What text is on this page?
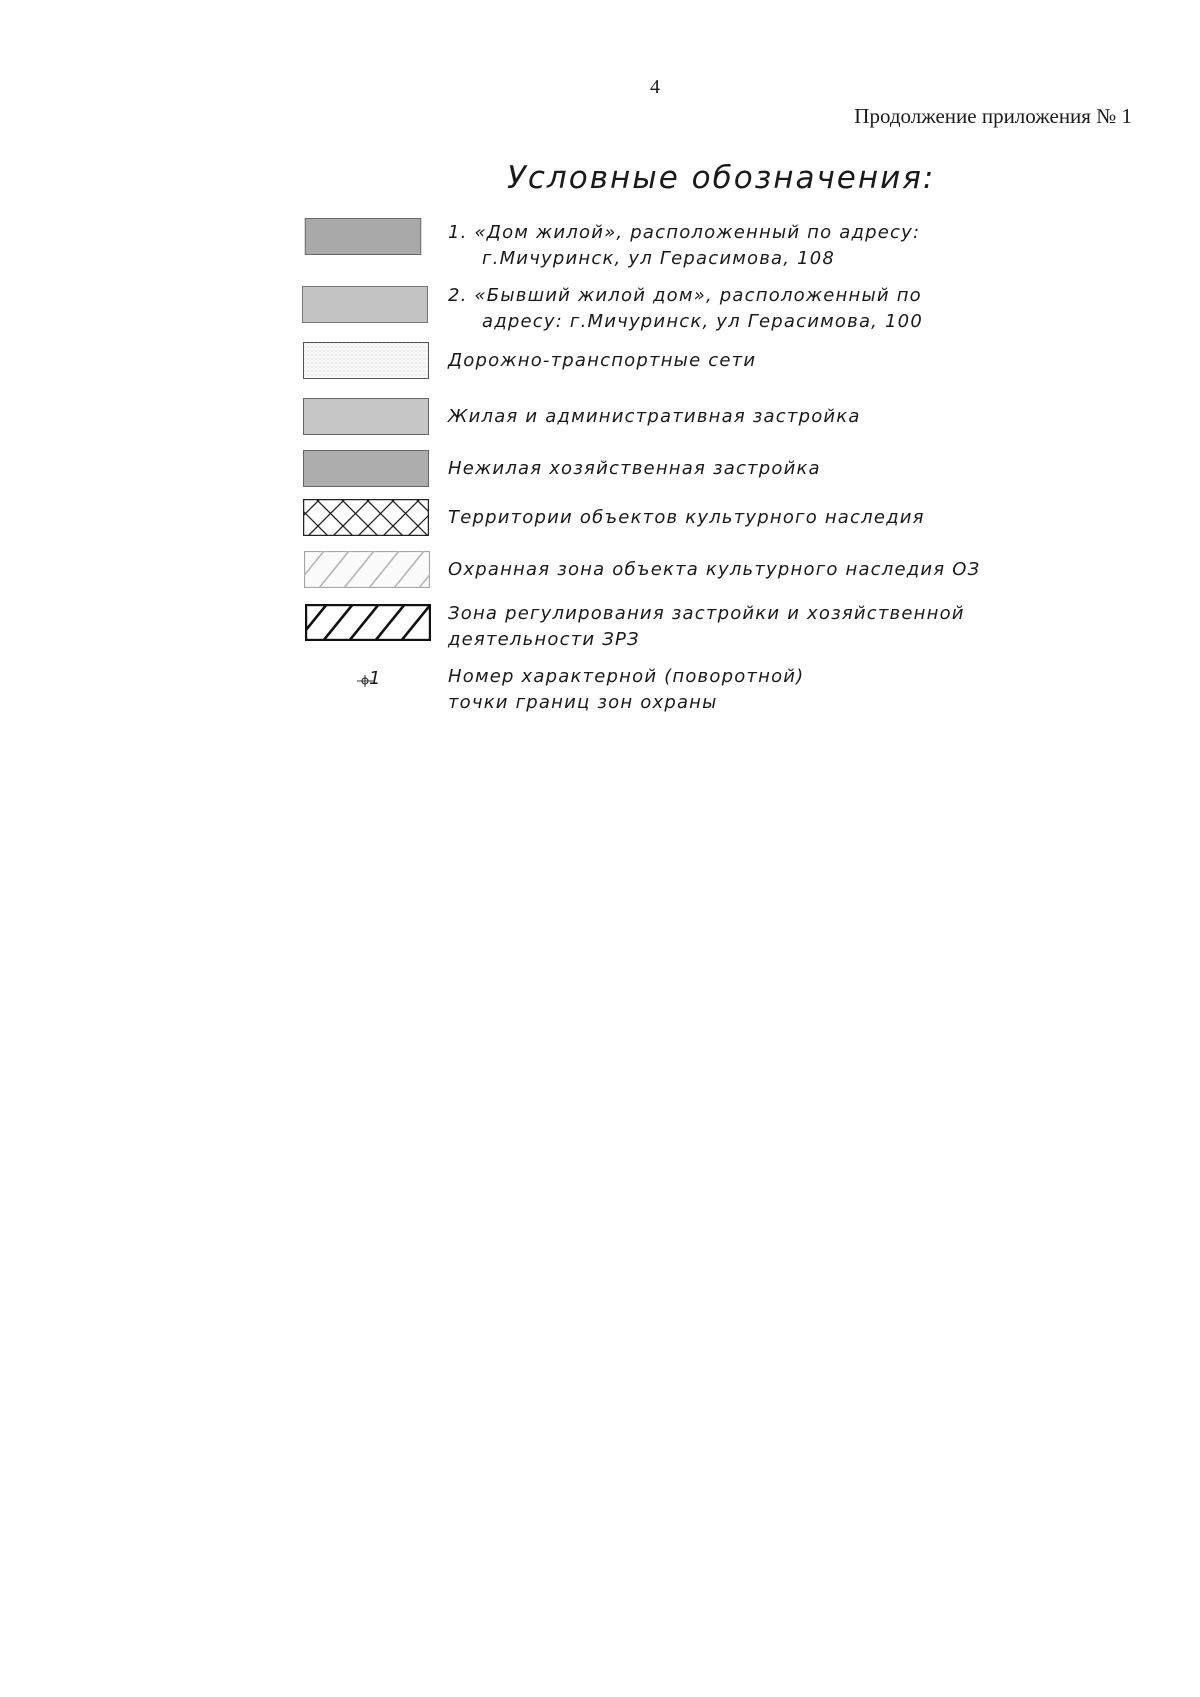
4
Продолжение приложения № 1
Условные обозначения:
1. «Дом жилой», расположенный по адресу:
г.Мичуринск, ул Герасимова, 108
2. «Бывший жилой дом», расположенный по
адресу: г.Мичуринск, ул Герасимова, 100
Дорожно-транспортные сети
Жилая и административная застройка
Нежилая хозяйственная застройка
Территории объектов культурного наследия
Охранная зона объекта культурного наследия ОЗ
Зона регулирования застройки и хозяйственной
деятельности ЗРЗ
1	Номер характерной (поворотной)
точки границ зон охраны
